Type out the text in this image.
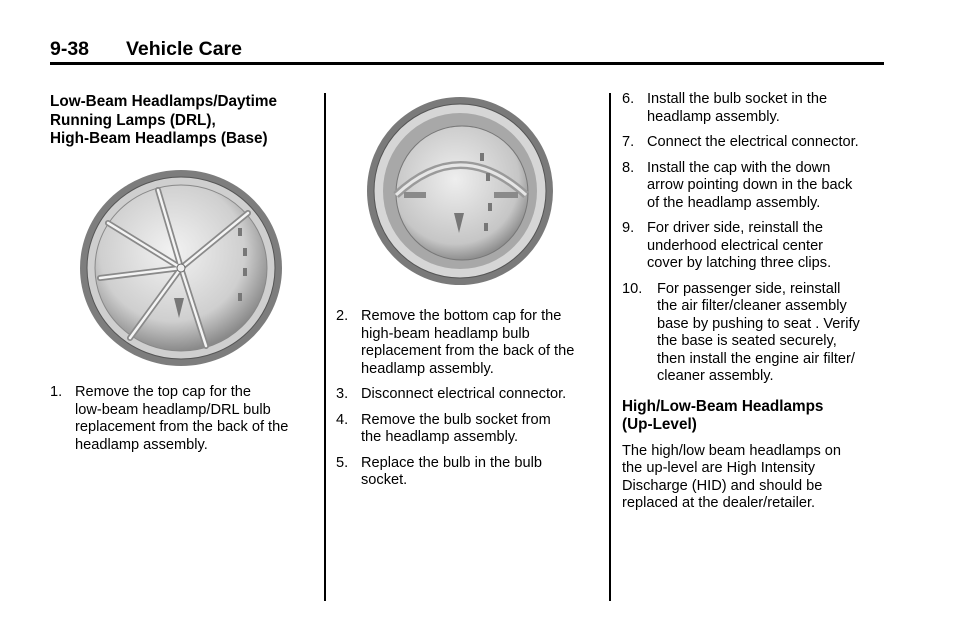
9-38 Vehicle Care
Low-Beam Headlamps/Daytime
Running Lamps (DRL),
High-Beam Headlamps (Base)
1. Remove the top cap for the
low-beam headlamp/DRL bulb
replacement from the back of the
headlamp assembly.
2. Remove the bottom cap for the
high-beam headlamp bulb
replacement from the back of the
headlamp assembly.
3. Disconnect electrical connector.
4. Remove the bulb socket from
the headlamp assembly.
5. Replace the bulb in the bulb
socket.
6. Install the bulb socket in the
headlamp assembly.
7. Connect the electrical connector.
8. Install the cap with the down
arrow pointing down in the back
of the headlamp assembly.
9. For driver side, reinstall the
underhood electrical center
cover by latching three clips.
10. For passenger side, reinstall
the air filter/cleaner assembly
base by pushing to seat . Verify
the base is seated securely,
then install the engine air filter/
cleaner assembly.
High/Low-Beam Headlamps
(Up-Level)
The high/low beam headlamps on
the up-level are High Intensity
Discharge (HID) and should be
replaced at the dealer/retailer.
